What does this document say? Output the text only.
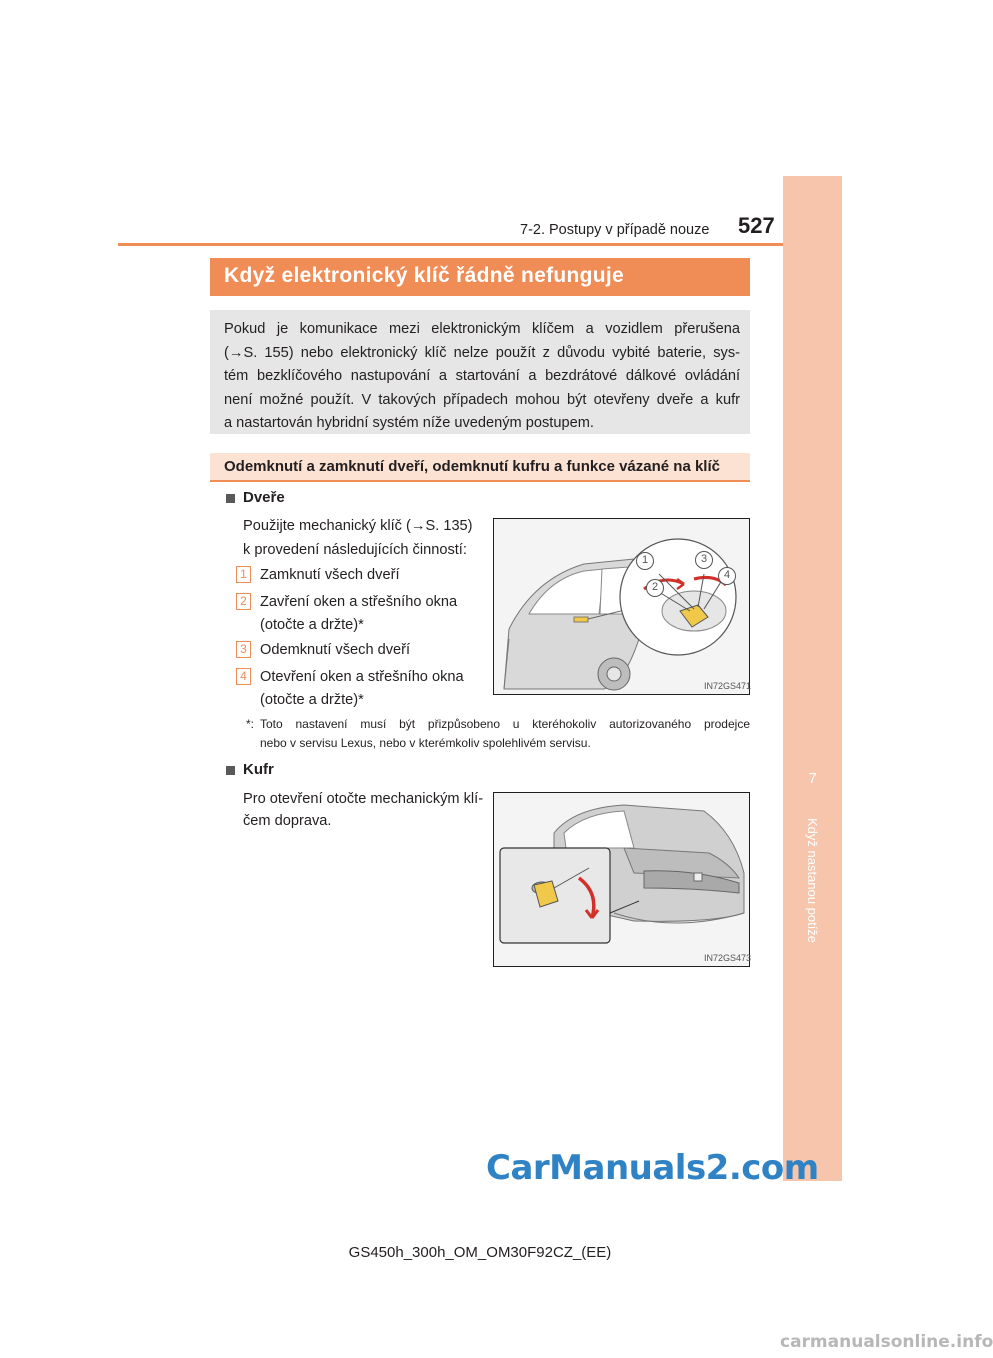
7
Když nastanou potíže
7-2. Postupy v případě nouze 527
Když elektronický klíč řádně nefunguje
Pokud je komunikace mezi elektronickým klíčem a vozidlem přerušena
(→S. 155) nebo elektronický klíč nelze použít z důvodu vybité baterie, sys-
tém bezklíčového nastupování a startování a bezdrátové dálkové ovládání
není možné použít. V takových případech mohou být otevřeny dveře a kufr
a nastartován hybridní systém níže uvedeným postupem.
Odemknutí a zamknutí dveří, odemknutí kufru a funkce vázané na klíč
Dveře
Použijte mechanický klíč (→S. 135)
k provedení následujících činností:
1 Zamknutí všech dveří
2 Zavření oken a střešního okna
(otočte a držte)*
3 Odemknutí všech dveří
4 Otevření oken a střešního okna
(otočte a držte)*
1	3
2
4
IN72GS471
*: Toto nastavení musí být přizpůsobeno u kteréhokoliv autorizovaného prodejce
nebo v servisu Lexus, nebo v kterémkoliv spolehlivém servisu.
Kufr
Pro otevření otočte mechanickým klí-
čem doprava.
IN72GS473
CarManuals2.com
GS450h_300h_OM_OM30F92CZ_(EE)
carmanualsonline.info
